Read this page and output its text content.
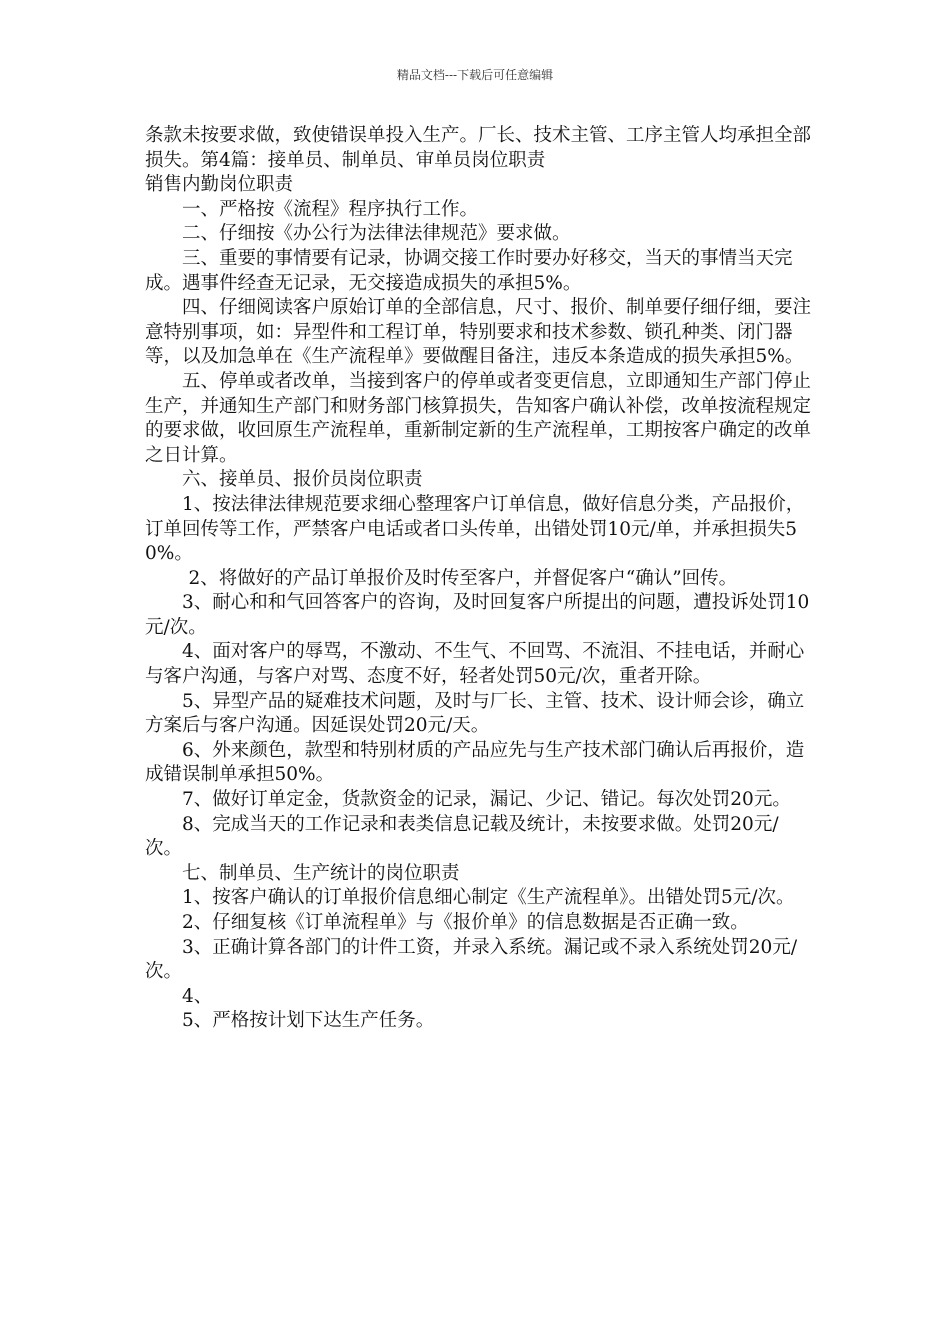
精品文档---下载后可任意编辑

条款未按要求做，致使错误单投入生产。厂长、技术主管、工序主管人均承担全部损失。第4篇：接单员、制单员、审单员岗位职责

销售内勤岗位职责

一、严格按《流程》程序执行工作。

二、仔细按《办公行为法律法律规范》要求做。

三、重要的事情要有记录，协调交接工作时要办好移交，当天的事情当天完成。遇事件经查无记录，无交接造成损失的承担5%。

四、仔细阅读客户原始订单的全部信息，尺寸、报价、制单要仔细仔细，要注意特别事项，如：异型件和工程订单，特别要求和技术参数、锁孔种类、闭门器等，以及加急单在《生产流程单》要做醒目备注，违反本条造成的损失承担5%。

五、停单或者改单，当接到客户的停单或者变更信息，立即通知生产部门停止生产，并通知生产部门和财务部门核算损失，告知客户确认补偿，改单按流程规定的要求做，收回原生产流程单，重新制定新的生产流程单，工期按客户确定的改单之日计算。

六、接单员、报价员岗位职责

1、按法律法律规范要求细心整理客户订单信息，做好信息分类，产品报价，订单回传等工作，严禁客户电话或者口头传单，出错处罚10元/单，并承担损失50%。

2、将做好的产品订单报价及时传至客户，并督促客户“确认”回传。

3、耐心和和气回答客户的咨询，及时回复客户所提出的问题，遭投诉处罚10元/次。

4、面对客户的辱骂，不激动、不生气、不回骂、不流泪、不挂电话，并耐心与客户沟通，与客户对骂、态度不好，轻者处罚50元/次，重者开除。

5、异型产品的疑难技术问题，及时与厂长、主管、技术、设计师会诊，确立方案后与客户沟通。因延误处罚20元/天。

6、外来颜色，款型和特别材质的产品应先与生产技术部门确认后再报价，造成错误制单承担50%。

7、做好订单定金，货款资金的记录，漏记、少记、错记。每次处罚20元。

8、完成当天的工作记录和表类信息记载及统计，未按要求做。处罚20元/次。

七、制单员、生产统计的岗位职责

1、按客户确认的订单报价信息细心制定《生产流程单》。出错处罚5元/次。

2、仔细复核《订单流程单》与《报价单》的信息数据是否正确一致。

3、正确计算各部门的计件工资，并录入系统。漏记或不录入系统处罚20元/次。

4、

5、严格按计划下达生产任务。
